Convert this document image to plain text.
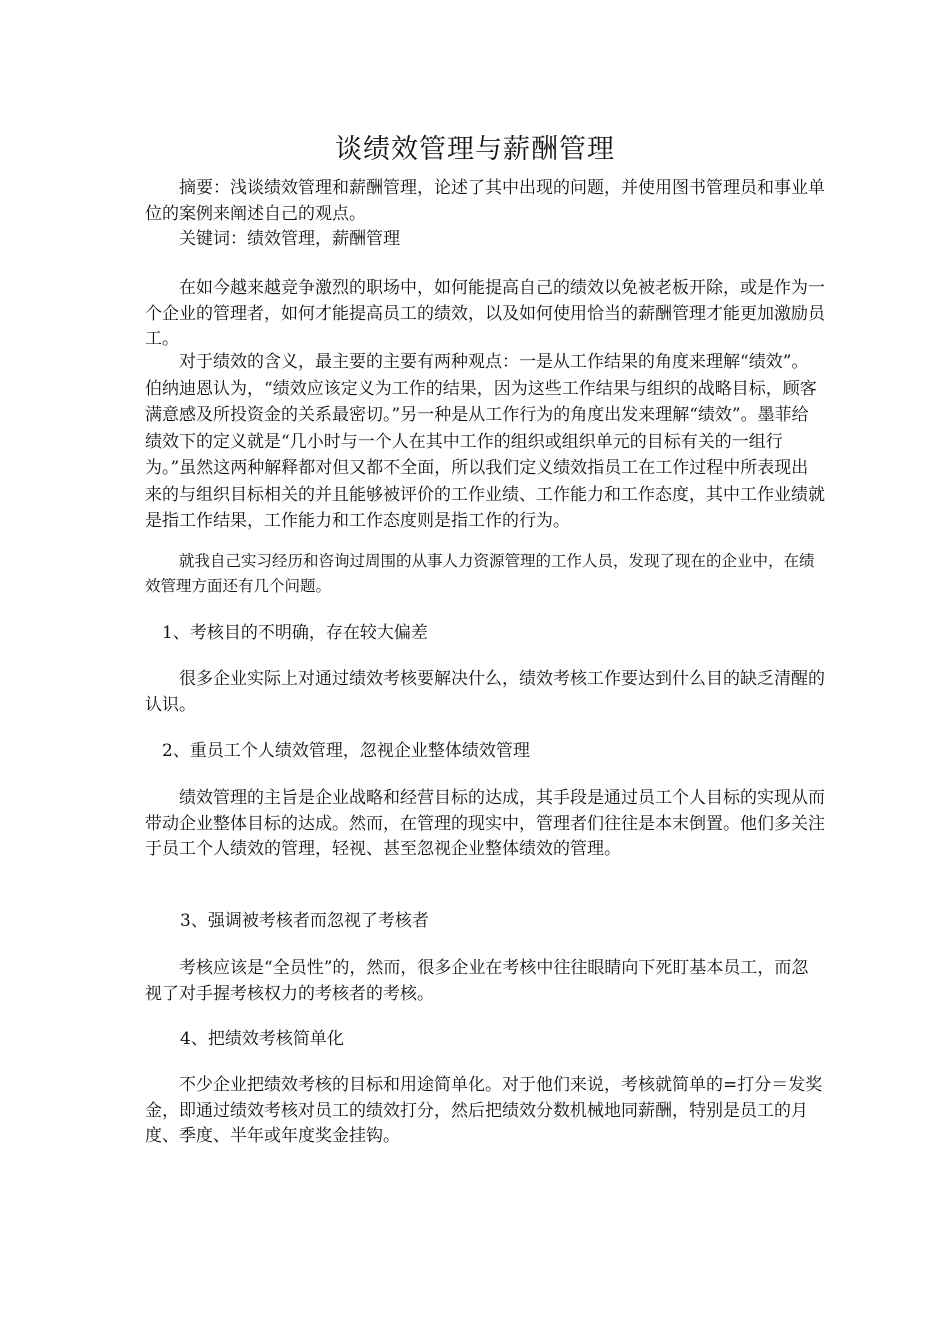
谈绩效管理与薪酬管理

摘要：浅谈绩效管理和薪酬管理，论述了其中出现的问题，并使用图书管理员和事业单位的案例来阐述自己的观点。

关键词：绩效管理，薪酬管理

在如今越来越竞争激烈的职场中，如何能提高自己的绩效以免被老板开除，或是作为一个企业的管理者，如何才能提高员工的绩效，以及如何使用恰当的薪酬管理才能更加激励员工。

对于绩效的含义，最主要的主要有两种观点：一是从工作结果的角度来理解“绩效”。伯纳迪恩认为，“绩效应该定义为工作的结果，因为这些工作结果与组织的战略目标，顾客满意感及所投资金的关系最密切。”另一种是从工作行为的角度出发来理解“绩效”。墨菲给绩效下的定义就是“几小时与一个人在其中工作的组织或组织单元的目标有关的一组行为。”虽然这两种解释都对但又都不全面，所以我们定义绩效指员工在工作过程中所表现出来的与组织目标相关的并且能够被评价的工作业绩、工作能力和工作态度，其中工作业绩就是指工作结果，工作能力和工作态度则是指工作的行为。

就我自己实习经历和咨询过周围的从事人力资源管理的工作人员，发现了现在的企业中，在绩效管理方面还有几个问题。

1、考核目的不明确，存在较大偏差

很多企业实际上对通过绩效考核要解决什么，绩效考核工作要达到什么目的缺乏清醒的认识。

2、重员工个人绩效管理，忽视企业整体绩效管理

绩效管理的主旨是企业战略和经营目标的达成，其手段是通过员工个人目标的实现从而带动企业整体目标的达成。然而，在管理的现实中，管理者们往往是本末倒置。他们多关注于员工个人绩效的管理，轻视、甚至忽视企业整体绩效的管理。

3、强调被考核者而忽视了考核者

考核应该是“全员性”的，然而，很多企业在考核中往往眼睛向下死盯基本员工，而忽视了对手握考核权力的考核者的考核。

4、把绩效考核简单化

不少企业把绩效考核的目标和用途简单化。对于他们来说，考核就简单的=打分＝发奖金，即通过绩效考核对员工的绩效打分，然后把绩效分数机械地同薪酬，特别是员工的月度、季度、半年或年度奖金挂钩。
